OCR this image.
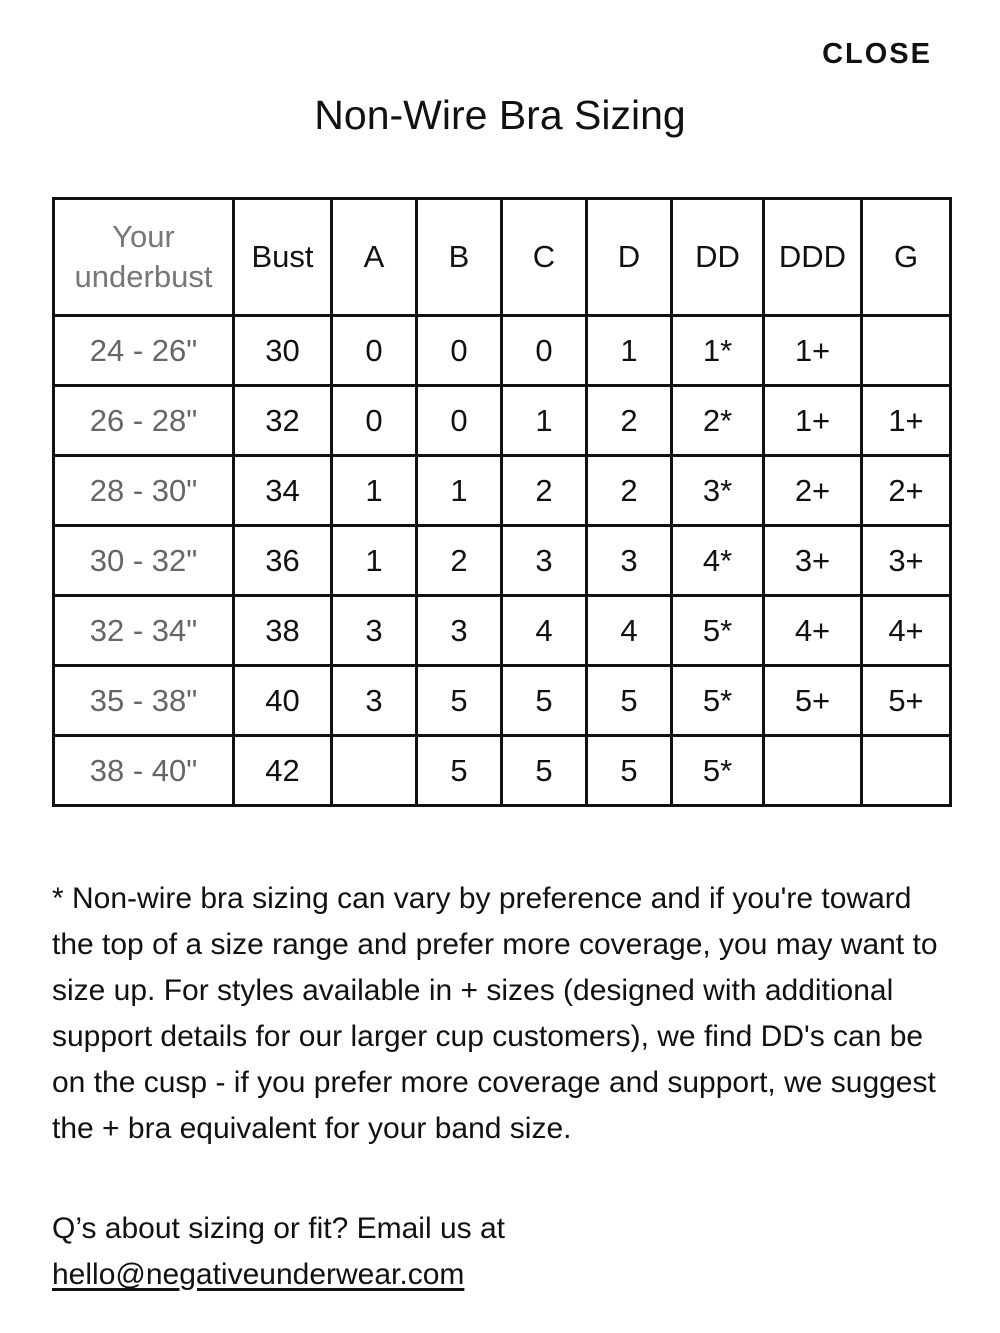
CLOSE
Non-Wire Bra Sizing
Your underbust	Bust	A	B	C	D	DD	DDD	G
24 - 26"	30	0	0	0	1	1*	1+	
26 - 28"	32	0	0	1	2	2*	1+	1+
28 - 30"	34	1	1	2	2	3*	2+	2+
30 - 32"	36	1	2	3	3	4*	3+	3+
32 - 34"	38	3	3	4	4	5*	4+	4+
35 - 38"	40	3	5	5	5	5*	5+	5+
38 - 40"	42		5	5	5	5*		

* Non-wire bra sizing can vary by preference and if you're toward the top of a size range and prefer more coverage, you may want to size up. For styles available in + sizes (designed with additional support details for our larger cup customers), we find DD's can be on the cusp - if you prefer more coverage and support, we suggest the + bra equivalent for your band size.

Q’s about sizing or fit? Email us at
hello@negativeunderwear.com
